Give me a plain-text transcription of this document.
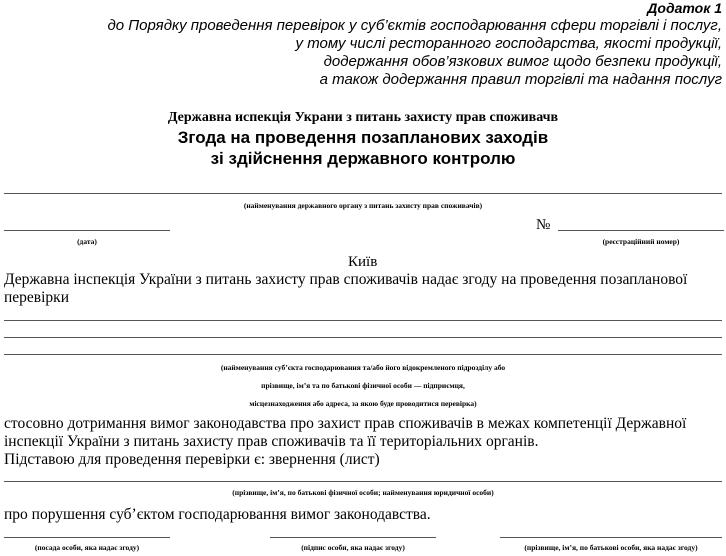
Додаток 1
до Порядку проведення перевірок у суб’єктів господарювання сфери торгівлі і послуг,
у тому числі ресторанного господарства, якості продукції,
додержання обов’язкових вимог щодо безпеки продукції,
а також додержання правил торгівлі та надання послуг
Державна испекція Украни з питань захисту прав споживачв
Згода на проведення позапланових заходів
зі здійснення державного контролю
(найменування державного органу з питань захисту прав споживачів)
(дата)
№
(реєстраційний номер)
Київ
Державна інспекція України з питань захисту прав споживачів надає згоду на проведення позапланової
перевірки
(найменування суб’єкта господарювання та/або його відокремленого підрозділу або
прізвище, ім’я та по батькові фізичної особи — підприємця,
місцезнаходження або адреса, за якою буде проводитися перевірка)
стосовно дотримання вимог законодавства про захист прав споживачів в межах компетенції Державної
інспекції України з питань захисту прав споживачів та її територіальних органів.
Підставою для проведення перевірки є: звернення (лист)
(прізвище, ім’я, по батькові фізичної особи; найменування юридичної особи)
про порушення суб’єктом господарювання вимог законодавства.
(посада особи, яка надає згоду)	(підпис особи, яка надає згоду)	(прізвище, ім’я, по батькові особи, яка надає згоду)
